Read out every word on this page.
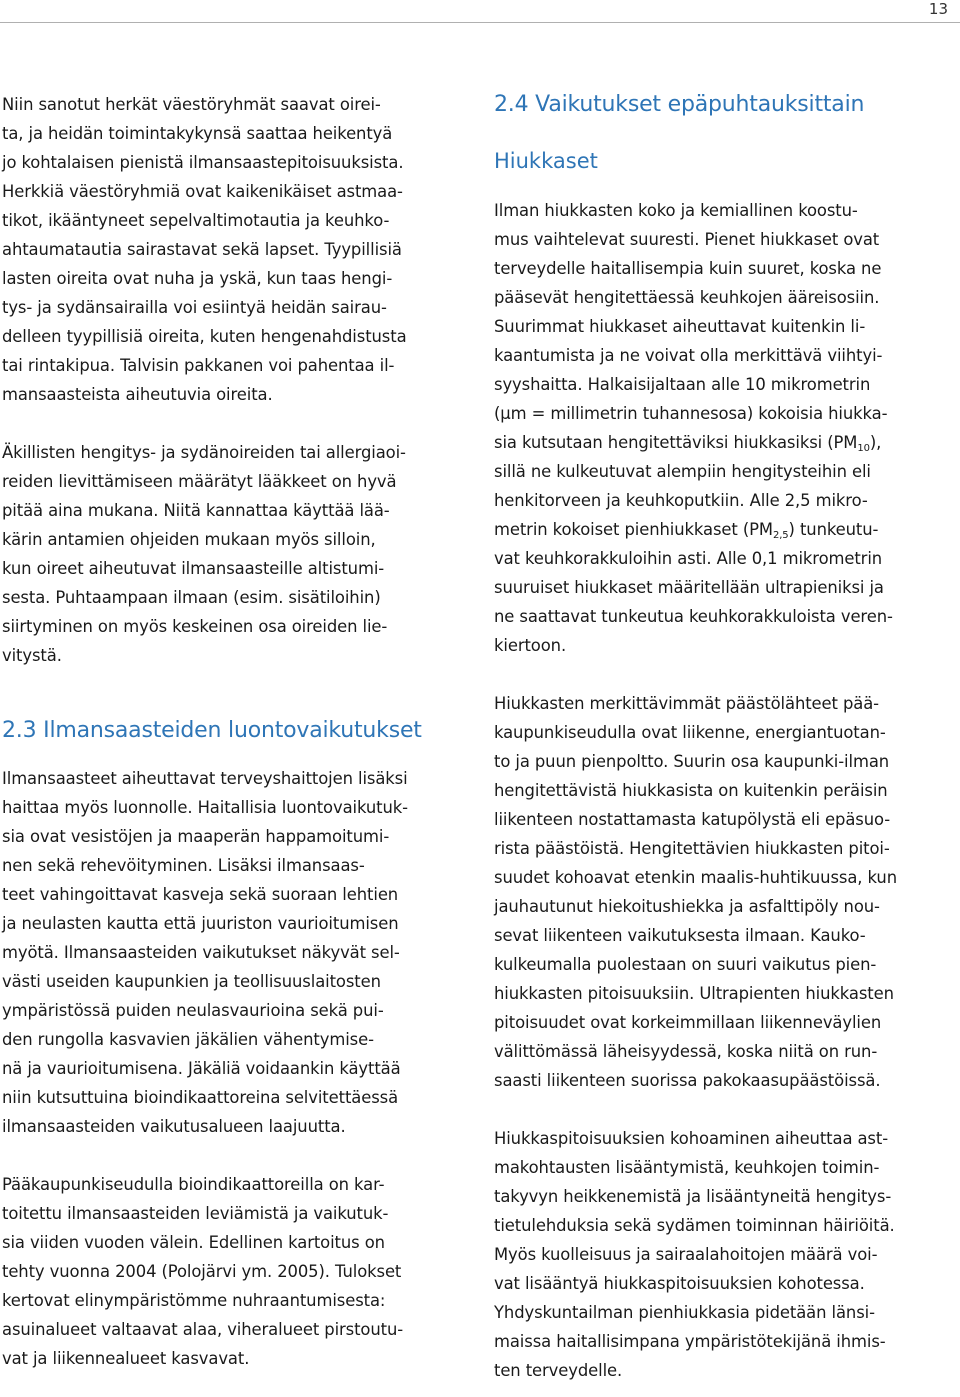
13

Niin sanotut herkät väestöryhmät saavat oirei-
ta, ja heidän toimintakykynsä saattaa heikentyä
jo kohtalaisen pienistä ilmansaastepitoisuuksista.
Herkkiä väestöryhmiä ovat kaikenikäiset astmaa-
tikot, ikääntyneet sepelvaltimotautia ja keuhko-
ahtaumatautia sairastavat sekä lapset. Tyypillisiä
lasten oireita ovat nuha ja yskä, kun taas hengi-
tys- ja sydänsairailla voi esiintyä heidän sairau-
delleen tyypillisiä oireita, kuten hengenahdistusta
tai rintakipua. Talvisin pakkanen voi pahentaa il-
mansaasteista aiheutuvia oireita.

Äkillisten hengitys- ja sydänoireiden tai allergiaoi-
reiden lievittämiseen määrätyt lääkkeet on hyvä
pitää aina mukana. Niitä kannattaa käyttää lää-
kärin antamien ohjeiden mukaan myös silloin,
kun oireet aiheutuvat ilmansaasteille altistumi-
sesta. Puhtaampaan ilmaan (esim. sisätiloihin)
siirtyminen on myös keskeinen osa oireiden lie-
vitystä.

2.3 Ilmansaasteiden luontovaikutukset

Ilmansaasteet aiheuttavat terveyshaittojen lisäksi
haittaa myös luonnolle. Haitallisia luontovaikutuk-
sia ovat vesistöjen ja maaperän happamoitumi-
nen sekä rehevöityminen. Lisäksi ilmansaas-
teet vahingoittavat kasveja sekä suoraan lehtien
ja neulasten kautta että juuriston vaurioitumisen
myötä. Ilmansaasteiden vaikutukset näkyvät sel-
västi useiden kaupunkien ja teollisuuslaitosten
ympäristössä puiden neulasvaurioina sekä pui-
den rungolla kasvavien jäkälien vähentymise-
nä ja vaurioitumisena. Jäkäliä voidaankin käyttää
niin kutsuttuina bioindikaattoreina selvitettäessä
ilmansaasteiden vaikutusalueen laajuutta.

Pääkaupunkiseudulla bioindikaattoreilla on kar-
toitettu ilmansaasteiden leviämistä ja vaikutuk-
sia viiden vuoden välein. Edellinen kartoitus on
tehty vuonna 2004 (Polojärvi ym. 2005). Tulokset
kertovat elinympäristömme nuhraantumisesta:
asuinalueet valtaavat alaa, viheralueet pirstoutu-
vat ja liikennealueet kasvavat.

2.4 Vaikutukset epäpuhtauksittain
Hiukkaset

Ilman hiukkasten koko ja kemiallinen koostu-
mus vaihtelevat suuresti. Pienet hiukkaset ovat
terveydelle haitallisempia kuin suuret, koska ne
pääsevät hengitettäessä keuhkojen ääreisosiin.
Suurimmat hiukkaset aiheuttavat kuitenkin li-
kaantumista ja ne voivat olla merkittävä viihtyi-
syyshaitta. Halkaisijaltaan alle 10 mikrometrin
(µm = millimetrin tuhannesosa) kokoisia hiukka-
sia kutsutaan hengitettäviksi hiukkasiksi $(PM_{10})$,
sillä ne kulkeutuvat alempiin hengitysteihin eli
henkitorveen ja keuhkoputkiin. Alle 2,5 mikro-
metrin kokoiset pienhiukkaset $(PM_{2,5})$ tunkeutu-
vat keuhkorakkuloihin asti. Alle 0,1 mikrometrin
suuruiset hiukkaset määritellään ultrapieniksi ja
ne saattavat tunkeutua keuhkorakkuloista veren-
kiertoon.

Hiukkasten merkittävimmät päästölähteet pää-
kaupunkiseudulla ovat liikenne, energiantuotan-
to ja puun pienpoltto. Suurin osa kaupunki-ilman
hengitettävistä hiukkasista on kuitenkin peräisin
liikenteen nostattamasta katupölystä eli epäsuo-
rista päästöistä. Hengitettävien hiukkasten pitoi-
suudet kohoavat etenkin maalis-huhtikuussa, kun
jauhautunut hiekoitushiekka ja asfalttipöly nou-
sevat liikenteen vaikutuksesta ilmaan. Kauko-
kulkeumalla puolestaan on suuri vaikutus pien-
hiukkasten pitoisuuksiin. Ultrapienten hiukkasten
pitoisuudet ovat korkeimmillaan liikenneväylien
välittömässä läheisyydessä, koska niitä on run-
saasti liikenteen suorissa pakokaasupäästöissä.

Hiukkaspitoisuuksien kohoaminen aiheuttaa ast-
makohtausten lisääntymistä, keuhkojen toimin-
takyvyn heikkenemistä ja lisääntyneitä hengitys-
tietulehduksia sekä sydämen toiminnan häiriöitä.
Myös kuolleisuus ja sairaalahoitojen määrä voi-
vat lisääntyä hiukkaspitoisuuksien kohotessa.
Yhdyskuntailman pienhiukkasia pidetään länsi-
maissa haitallisimpana ympäristötekijänä ihmis-
ten terveydelle.
